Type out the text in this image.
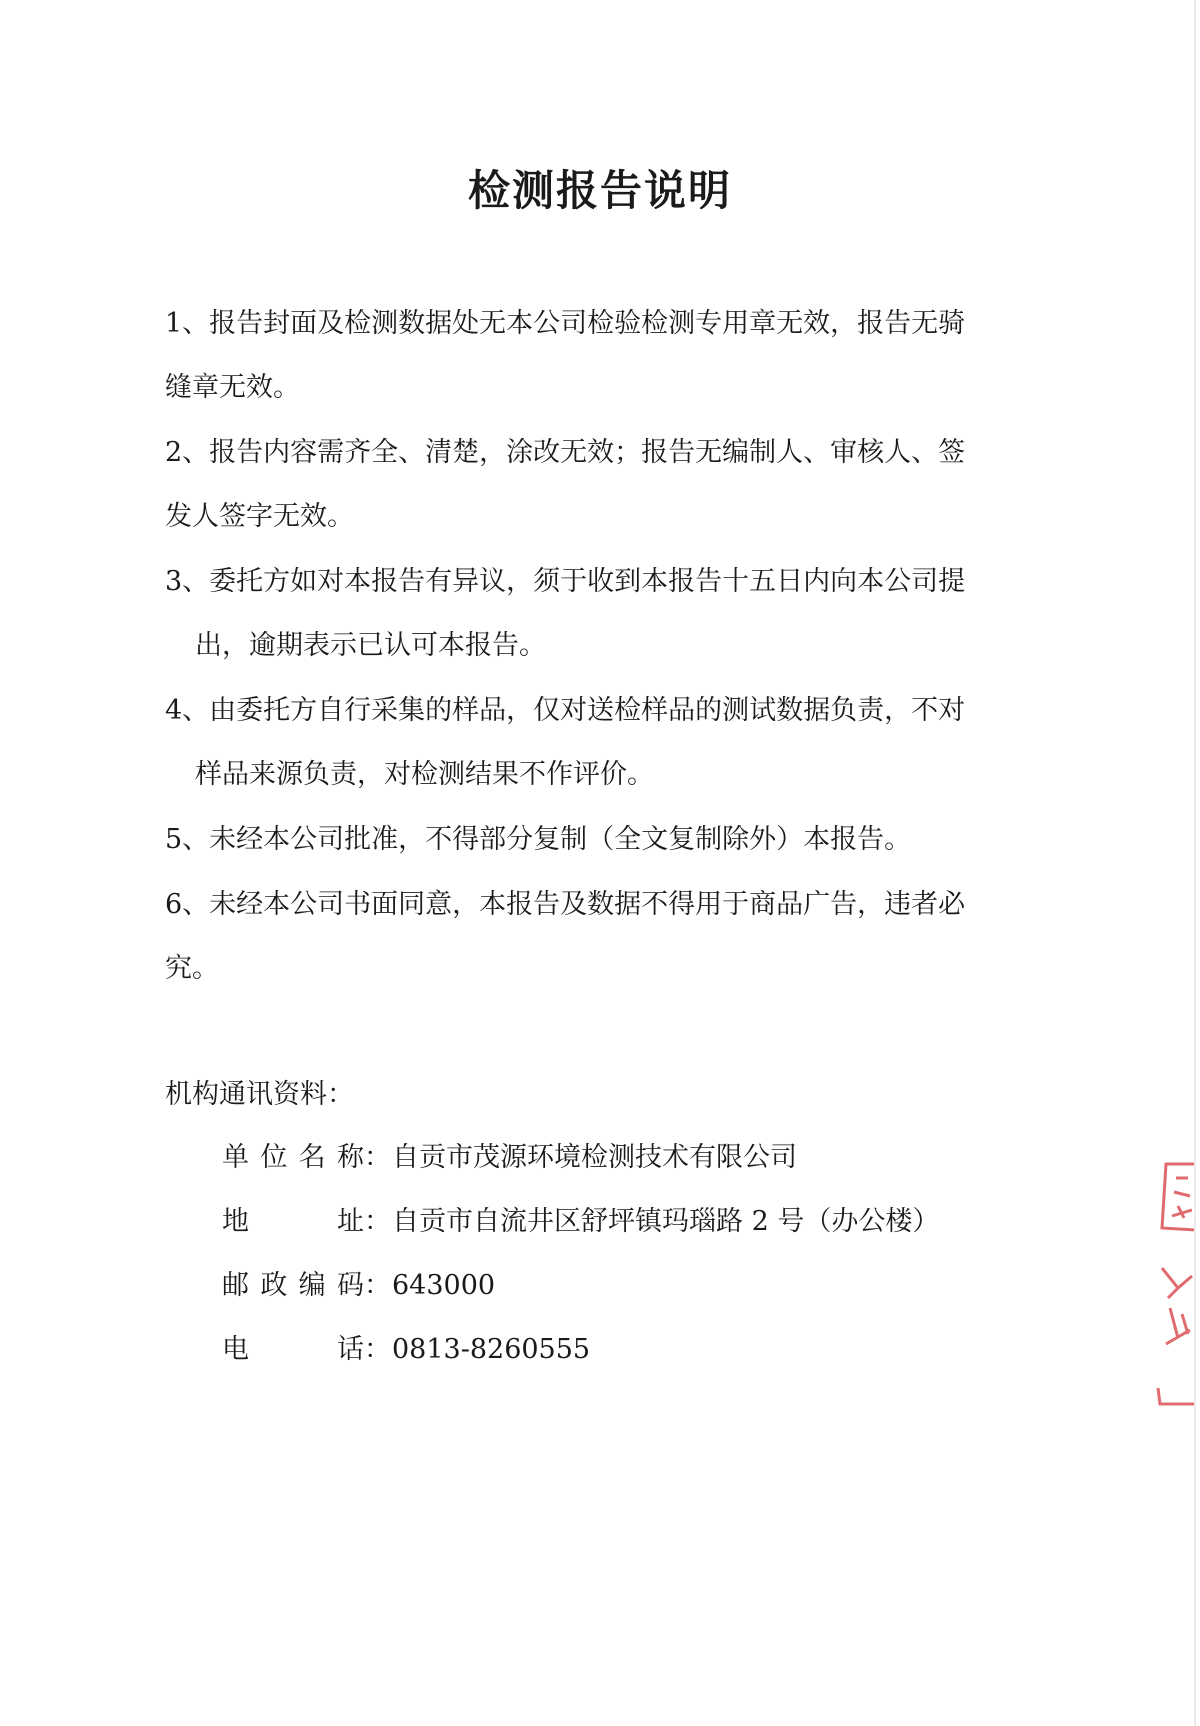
检测报告说明
1、报告封面及检测数据处无本公司检验检测专用章无效，报告无骑
缝章无效。
2、报告内容需齐全、清楚，涂改无效；报告无编制人、审核人、签
发人签字无效。
3、委托方如对本报告有异议，须于收到本报告十五日内向本公司提
出，逾期表示已认可本报告。
4、由委托方自行采集的样品，仅对送检样品的测试数据负责，不对
样品来源负责，对检测结果不作评价。
5、未经本公司批准，不得部分复制（全文复制除外）本报告。
6、未经本公司书面同意，本报告及数据不得用于商品广告，违者必
究。
机构通讯资料：
单位名称 ： 自贡市茂源环境检测技术有限公司
地址 ： 自贡市自流井区舒坪镇玛瑙路 2 号（办公楼）
邮政编码 ： 643000
电话 ： 0813-8260555
